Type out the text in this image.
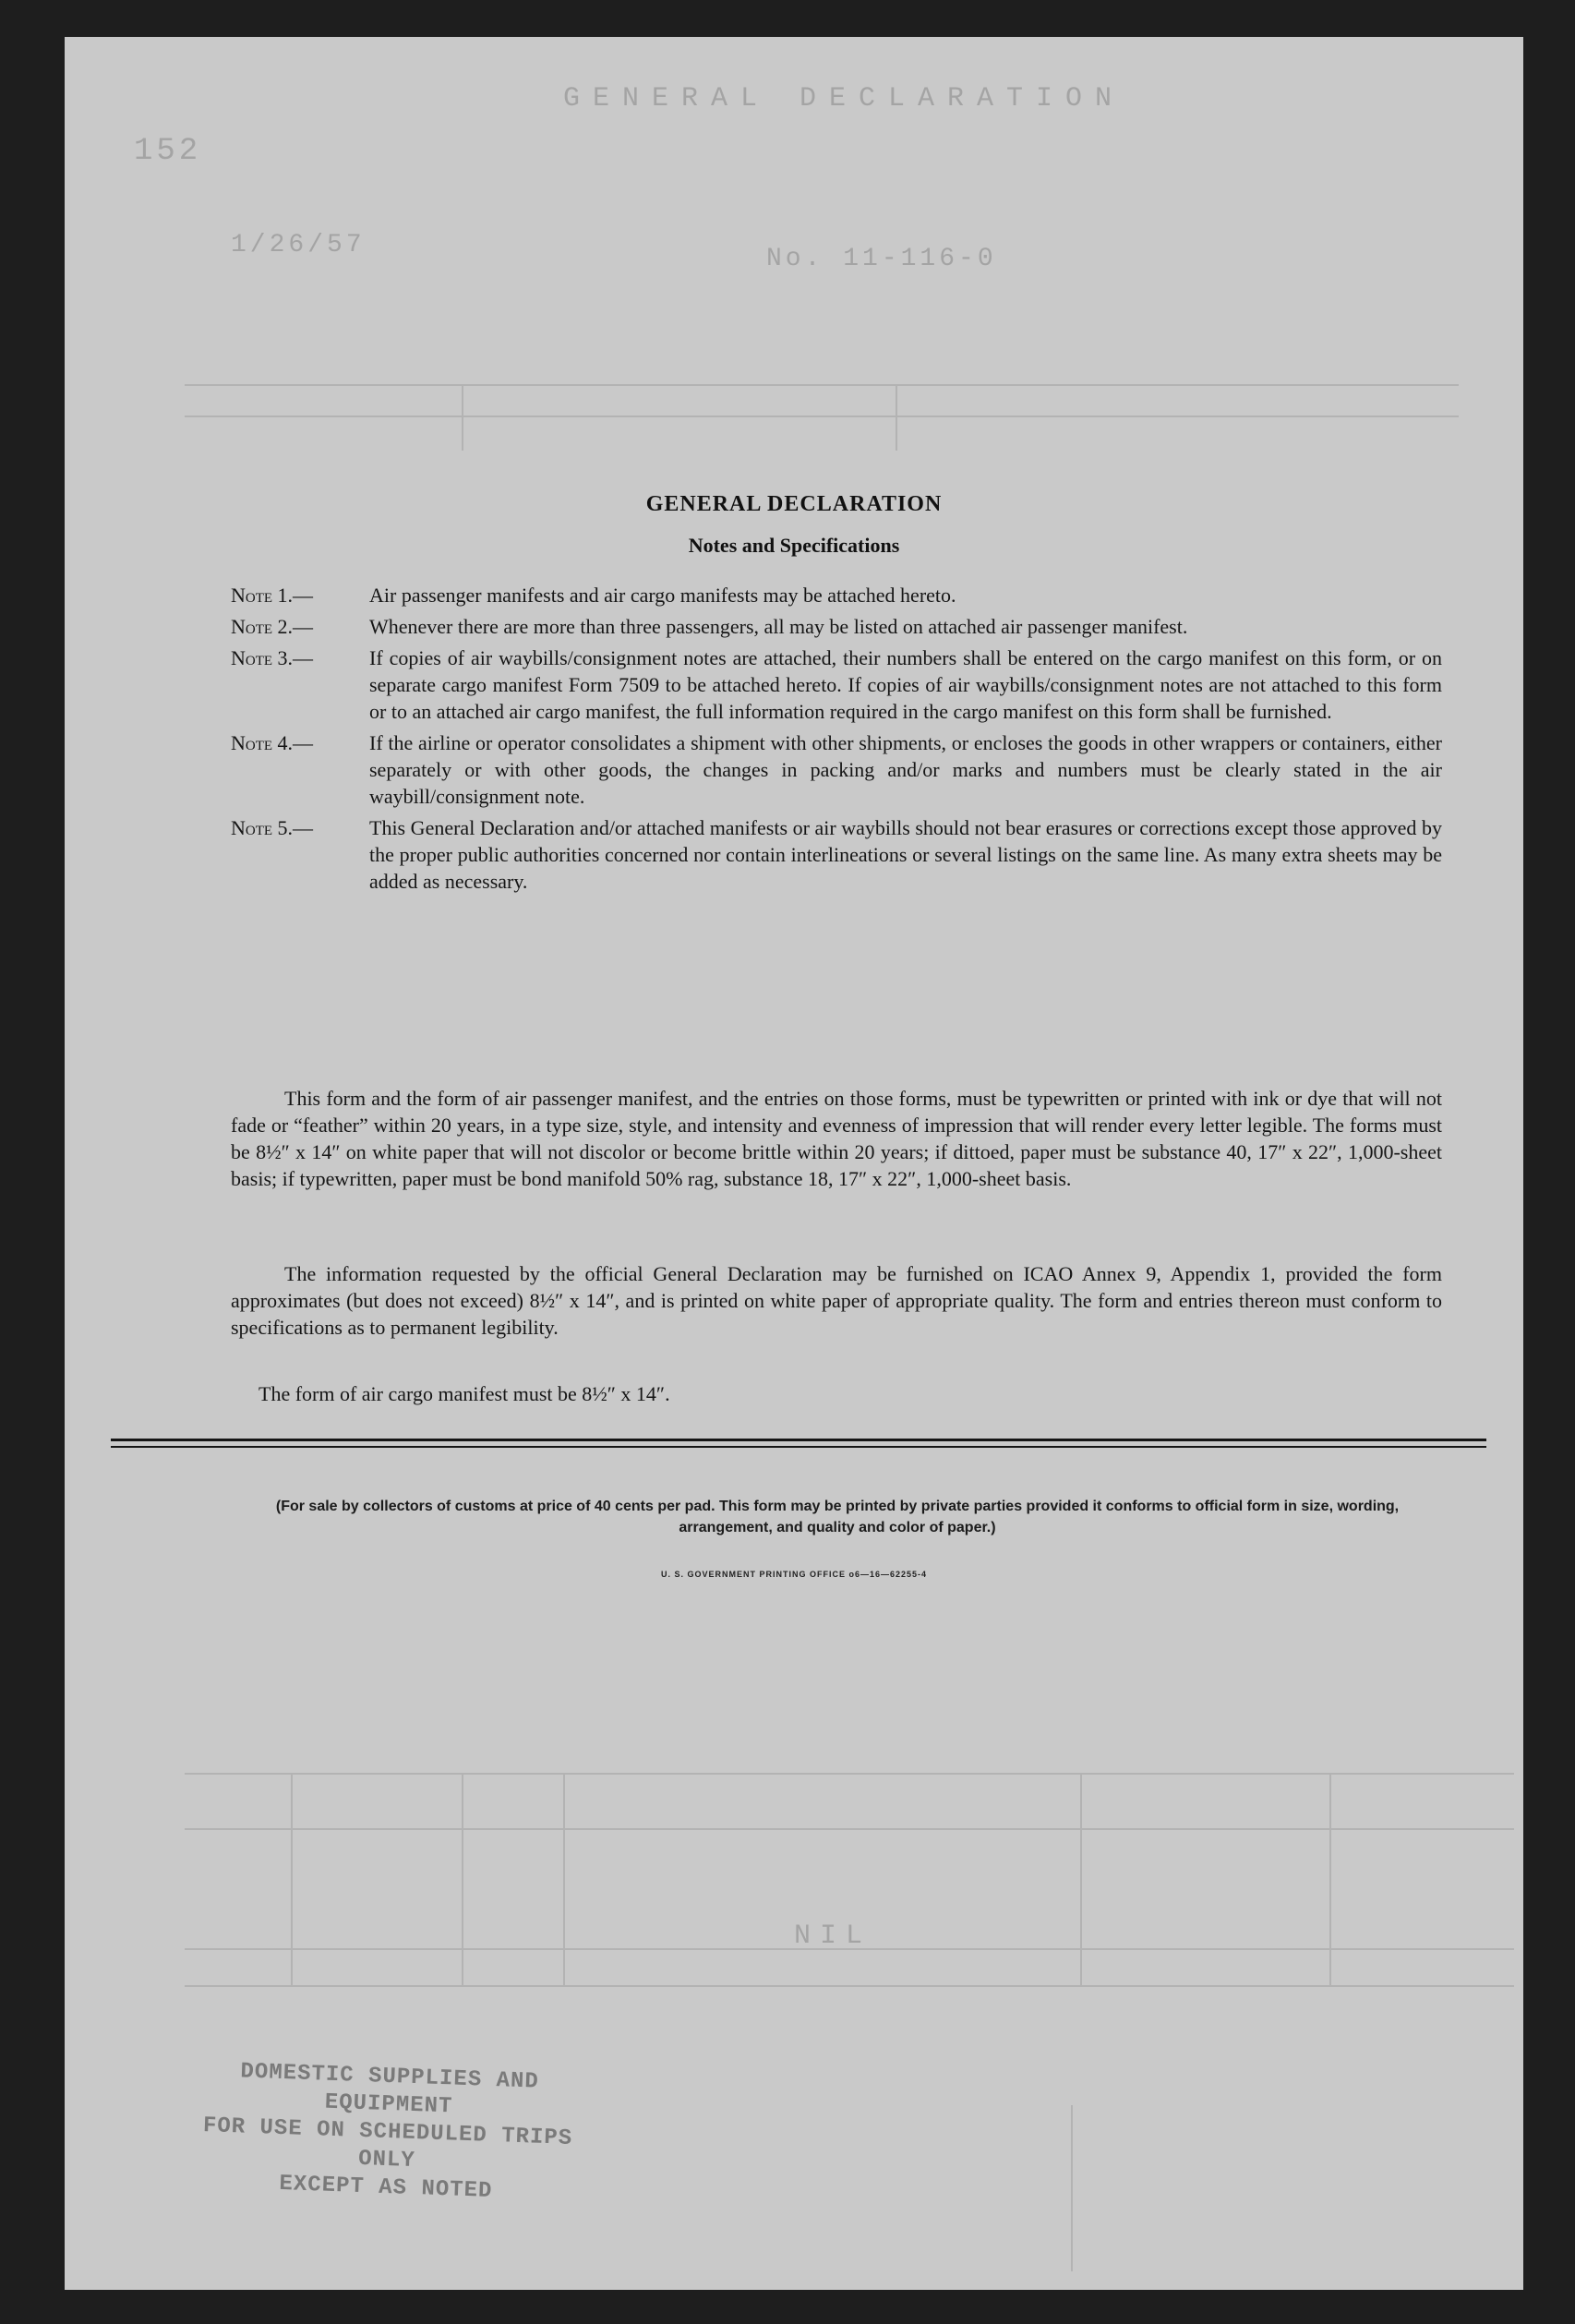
GENERAL DECLARATION
152
No. 11-116-0
1/26/57
NIL
GENERAL DECLARATION
Notes and Specifications
Note 1.—	Air passenger manifests and air cargo manifests may be attached hereto.
Note 2.—	Whenever there are more than three passengers, all may be listed on attached air passenger manifest.
Note 3.—	If copies of air waybills/consignment notes are attached, their numbers shall be entered on the cargo manifest on this form, or on separate cargo manifest Form 7509 to be attached hereto. If copies of air waybills/consignment notes are not attached to this form or to an attached air cargo manifest, the full information required in the cargo manifest on this form shall be furnished.
Note 4.—	If the airline or operator consolidates a shipment with other shipments, or encloses the goods in other wrappers or containers, either separately or with other goods, the changes in packing and/or marks and numbers must be clearly stated in the air waybill/consignment note.
Note 5.—	This General Declaration and/or attached manifests or air waybills should not bear erasures or corrections except those approved by the proper public authorities concerned nor contain interlineations or several listings on the same line. As many extra sheets may be added as necessary.
This form and the form of air passenger manifest, and the entries on those forms, must be typewritten or printed with ink or dye that will not fade or “feather” within 20 years, in a type size, style, and intensity and evenness of impression that will render every letter legible. The forms must be 8½″ x 14″ on white paper that will not discolor or become brittle within 20 years; if dittoed, paper must be substance 40, 17″ x 22″, 1,000-sheet basis; if typewritten, paper must be bond manifold 50% rag, substance 18, 17″ x 22″, 1,000-sheet basis.
The information requested by the official General Declaration may be furnished on ICAO Annex 9, Appendix 1, provided the form approximates (but does not exceed) 8½″ x 14″, and is printed on white paper of appropriate quality. The form and entries thereon must conform to specifications as to permanent legibility.
The form of air cargo manifest must be 8½″ x 14″.
(For sale by collectors of customs at price of 40 cents per pad. This form may be printed by private parties provided it conforms to official form in size, wording, arrangement, and quality and color of paper.)
U. S. GOVERNMENT PRINTING OFFICE o6—16—62255-4
DOMESTIC SUPPLIES AND EQUIPMENT
FOR USE ON SCHEDULED TRIPS ONLY
EXCEPT AS NOTED
